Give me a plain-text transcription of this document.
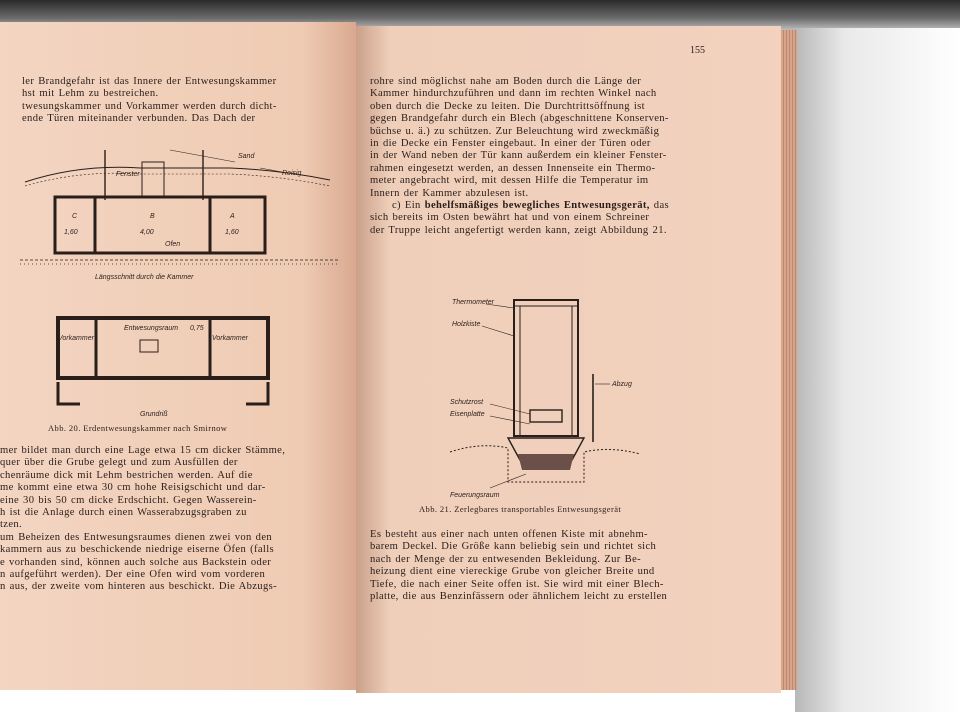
ler Brandgefahr ist das Innere der Entwesungskammer
hst mit Lehm zu bestreichen.
twesungskammer und Vorkammer werden durch dicht-
ende Türen miteinander verbunden. Das Dach der
Sand
Reisig
Fenster
C	B	A
1,60	4,00	1,60
Ofen
Längsschnitt durch die Kammer
Vorkammer
Entwesungsraum
Vorkammer
0,75
Grundriß
Abb. 20. Erdentwesungskammer nach Smirnow
mer bildet man durch eine Lage etwa 15 cm dicker Stämme,
quer über die Grube gelegt und zum Ausfüllen der
chenräume dick mit Lehm bestrichen werden. Auf die
me kommt eine etwa 30 cm hohe Reisigschicht und dar-
eine 30 bis 50 cm dicke Erdschicht. Gegen Wasserein-
h ist die Anlage durch einen Wasserabzugsgraben zu
tzen.
um Beheizen des Entwesungsraumes dienen zwei von den
kammern aus zu beschickende niedrige eiserne Öfen (falls
e vorhanden sind, können auch solche aus Backstein oder
n aufgeführt werden). Der eine Ofen wird vom vorderen
n aus, der zweite vom hinteren aus beschickt. Die Abzugs-
155
rohre sind möglichst nahe am Boden durch die Länge der
Kammer hindurchzuführen und dann im rechten Winkel nach
oben durch die Decke zu leiten. Die Durchtrittsöffnung ist
gegen Brandgefahr durch ein Blech (abgeschnittene Konserven-
büchse u. ä.) zu schützen. Zur Beleuchtung wird zweckmäßig
in die Decke ein Fenster eingebaut. In einer der Türen oder
in der Wand neben der Tür kann außerdem ein kleiner Fenster-
rahmen eingesetzt werden, an dessen Innenseite ein Thermo-
meter angebracht wird, mit dessen Hilfe die Temperatur im
Innern der Kammer abzulesen ist.
c) Ein behelfsmäßiges bewegliches Entwesungsgerät, das
sich bereits im Osten bewährt hat und von einem Schreiner
der Truppe leicht angefertigt werden kann, zeigt Abbildung 21.
Thermometer
Holzkiste
Abzug
Schutzrost
Eisenplatte
Feuerungsraum
Abb. 21. Zerlegbares transportables Entwesungsgerät
Es besteht aus einer nach unten offenen Kiste mit abnehm-
barem Deckel. Die Größe kann beliebig sein und richtet sich
nach der Menge der zu entwesenden Bekleidung. Zur Be-
heizung dient eine viereckige Grube von gleicher Breite und
Tiefe, die nach einer Seite offen ist. Sie wird mit einer Blech-
platte, die aus Benzinfässern oder ähnlichem leicht zu erstellen
